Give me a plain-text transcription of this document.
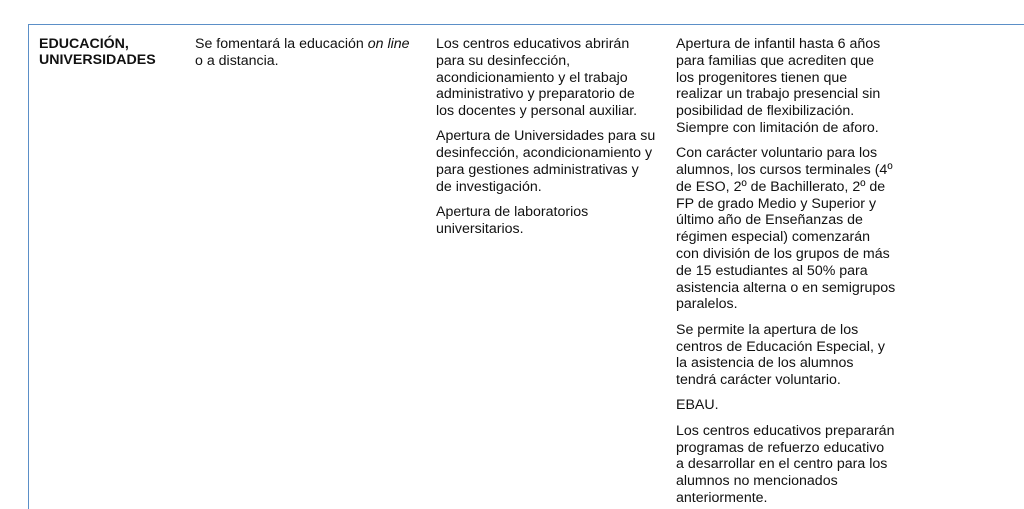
EDUCACIÓN,
UNIVERSIDADES

Se fomentará la educación on line
o a distancia.

Los centros educativos abrirán
para su desinfección,
acondicionamiento y el trabajo
administrativo y preparatorio de
los docentes y personal auxiliar.

Apertura de Universidades para su
desinfección, acondicionamiento y
para gestiones administrativas y
de investigación.

Apertura de laboratorios
universitarios.

Apertura de infantil hasta 6 años
para familias que acrediten que
los progenitores tienen que
realizar un trabajo presencial sin
posibilidad de flexibilización.
Siempre con limitación de aforo.

Con carácter voluntario para los
alumnos, los cursos terminales (4º
de ESO, 2º de Bachillerato, 2º de
FP de grado Medio y Superior y
último año de Enseñanzas de
régimen especial) comenzarán
con división de los grupos de más
de 15 estudiantes al 50% para
asistencia alterna o en semigrupos
paralelos.

Se permite la apertura de los
centros de Educación Especial, y
la asistencia de los alumnos
tendrá carácter voluntario.

EBAU.

Los centros educativos prepararán
programas de refuerzo educativo
a desarrollar en el centro para los
alumnos no mencionados
anteriormente.
